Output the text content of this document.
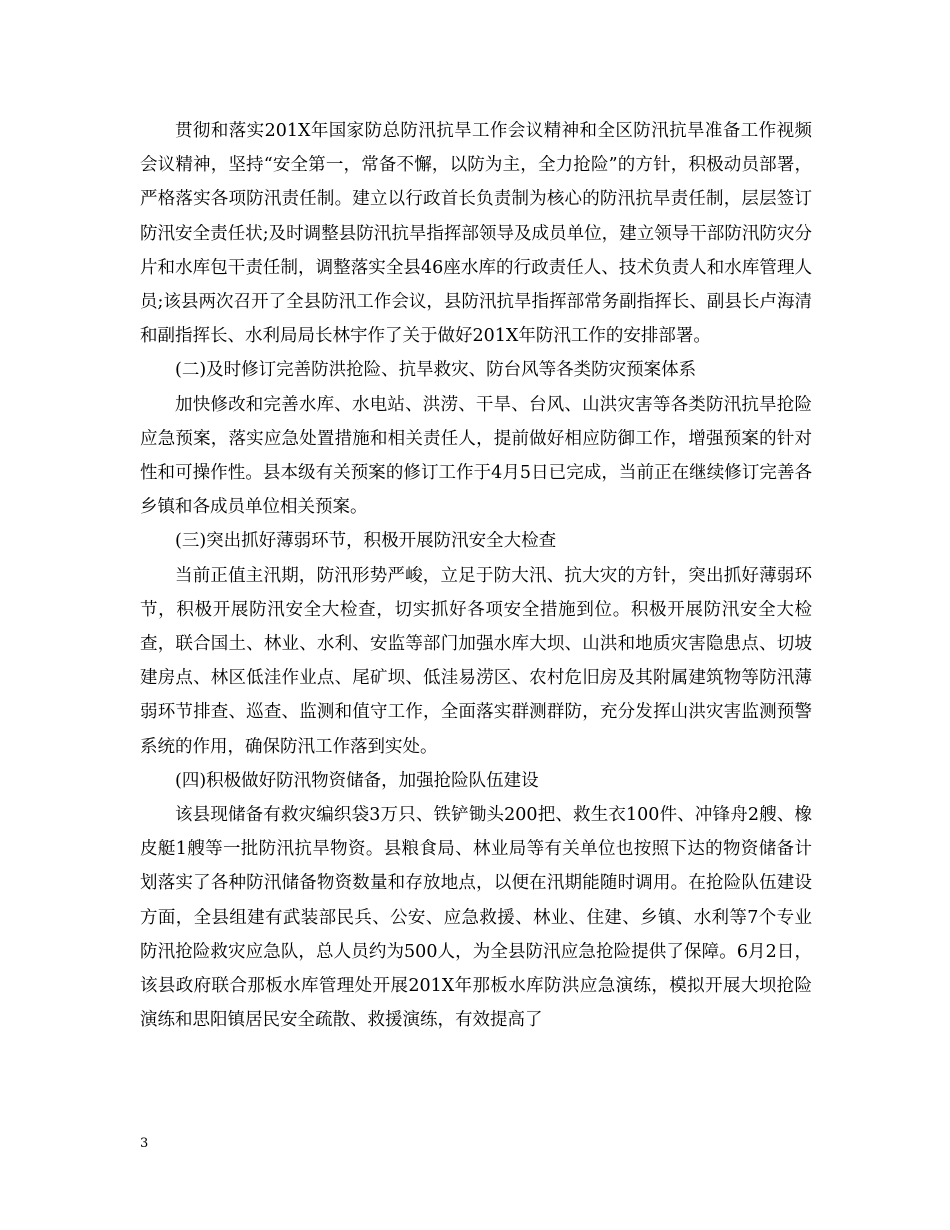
贯彻和落实201X年国家防总防汛抗旱工作会议精神和全区防汛抗旱准备工作视频会议精神，坚持“安全第一，常备不懈，以防为主，全力抢险”的方针，积极动员部署，严格落实各项防汛责任制。建立以行政首长负责制为核心的防汛抗旱责任制，层层签订防汛安全责任状;及时调整县防汛抗旱指挥部领导及成员单位，建立领导干部防汛防灾分片和水库包干责任制，调整落实全县46座水库的行政责任人、技术负责人和水库管理人员;该县两次召开了全县防汛工作会议，县防汛抗旱指挥部常务副指挥长、副县长卢海清和副指挥长、水利局局长林宇作了关于做好201X年防汛工作的安排部署。

(二)及时修订完善防洪抢险、抗旱救灾、防台风等各类防灾预案体系

加快修改和完善水库、水电站、洪涝、干旱、台风、山洪灾害等各类防汛抗旱抢险应急预案，落实应急处置措施和相关责任人，提前做好相应防御工作，增强预案的针对性和可操作性。县本级有关预案的修订工作于4月5日已完成，当前正在继续修订完善各乡镇和各成员单位相关预案。

(三)突出抓好薄弱环节，积极开展防汛安全大检查

当前正值主汛期，防汛形势严峻，立足于防大汛、抗大灾的方针，突出抓好薄弱环节，积极开展防汛安全大检查，切实抓好各项安全措施到位。积极开展防汛安全大检查，联合国土、林业、水利、安监等部门加强水库大坝、山洪和地质灾害隐患点、切坡建房点、林区低洼作业点、尾矿坝、低洼易涝区、农村危旧房及其附属建筑物等防汛薄弱环节排查、巡查、监测和值守工作，全面落实群测群防，充分发挥山洪灾害监测预警系统的作用，确保防汛工作落到实处。

(四)积极做好防汛物资储备，加强抢险队伍建设

该县现储备有救灾编织袋3万只、铁铲锄头200把、救生衣100件、冲锋舟2艘、橡皮艇1艘等一批防汛抗旱物资。县粮食局、林业局等有关单位也按照下达的物资储备计划落实了各种防汛储备物资数量和存放地点，以便在汛期能随时调用。在抢险队伍建设方面，全县组建有武装部民兵、公安、应急救援、林业、住建、乡镇、水利等7个专业防汛抢险救灾应急队，总人员约为500人，为全县防汛应急抢险提供了保障。6月2日，该县政府联合那板水库管理处开展201X年那板水库防洪应急演练，模拟开展大坝抢险演练和思阳镇居民安全疏散、救援演练，有效提高了

3
